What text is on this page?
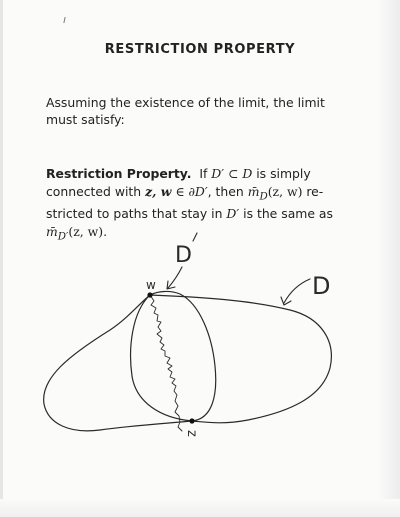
RESTRICTION PROPERTY
Assuming the existence of the limit, the limit
must satisfy:
Restriction Property. If D′ ⊂ D is simply
connected with z, w ∈ ∂D′, then $m̄_D(z$, w) re-
stricted to paths that stay in D′ is the same as
$m̄_{D'}(z$, w).
D
w	D
z
